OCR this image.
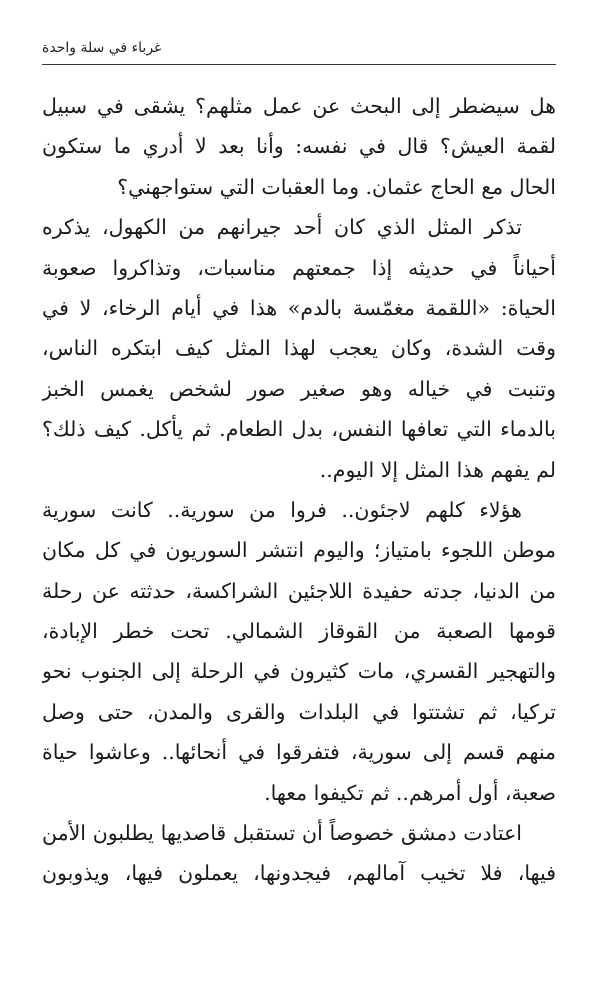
غرباء في سلة واحدة
هل سيضطر إلى البحث عن عمل مثلهم؟ يشقى في سبيل
لقمة العيش؟ قال في نفسه: وأنا بعد لا أدري ما ستكون
الحال مع الحاج عثمان. وما العقبات التي ستواجهني؟
تذكر المثل الذي كان أحد جيرانهم من الكهول، يذكره
أحياناً في حديثه إذا جمعتهم مناسبات، وتذاكروا صعوبة
الحياة: «اللقمة مغمّسة بالدم» هذا في أيام الرخاء، لا في
وقت الشدة، وكان يعجب لهذا المثل كيف ابتكره الناس،
وتنبت في خياله وهو صغير صور لشخص يغمس الخبز
بالدماء التي تعافها النفس، بدل الطعام. ثم يأكل. كيف ذلك؟
لم يفهم هذا المثل إلا اليوم..
هؤلاء كلهم لاجئون.. فروا من سورية.. كانت سورية
موطن اللجوء بامتياز؛ واليوم انتشر السوريون في كل مكان
من الدنيا، جدته حفيدة اللاجئين الشراكسة، حدثته عن رحلة
قومها الصعبة من القوقاز الشمالي. تحت خطر الإبادة،
والتهجير القسري، مات كثيرون في الرحلة إلى الجنوب نحو
تركيا، ثم تشتتوا في البلدات والقرى والمدن، حتى وصل
منهم قسم إلى سورية، فتفرقوا في أنحائها.. وعاشوا حياة
صعبة، أول أمرهم.. ثم تكيفوا معها.
اعتادت دمشق خصوصاً أن تستقبل قاصديها يطلبون الأمن
فيها، فلا تخيب آمالهم، فيجدونها، يعملون فيها، ويذوبون
